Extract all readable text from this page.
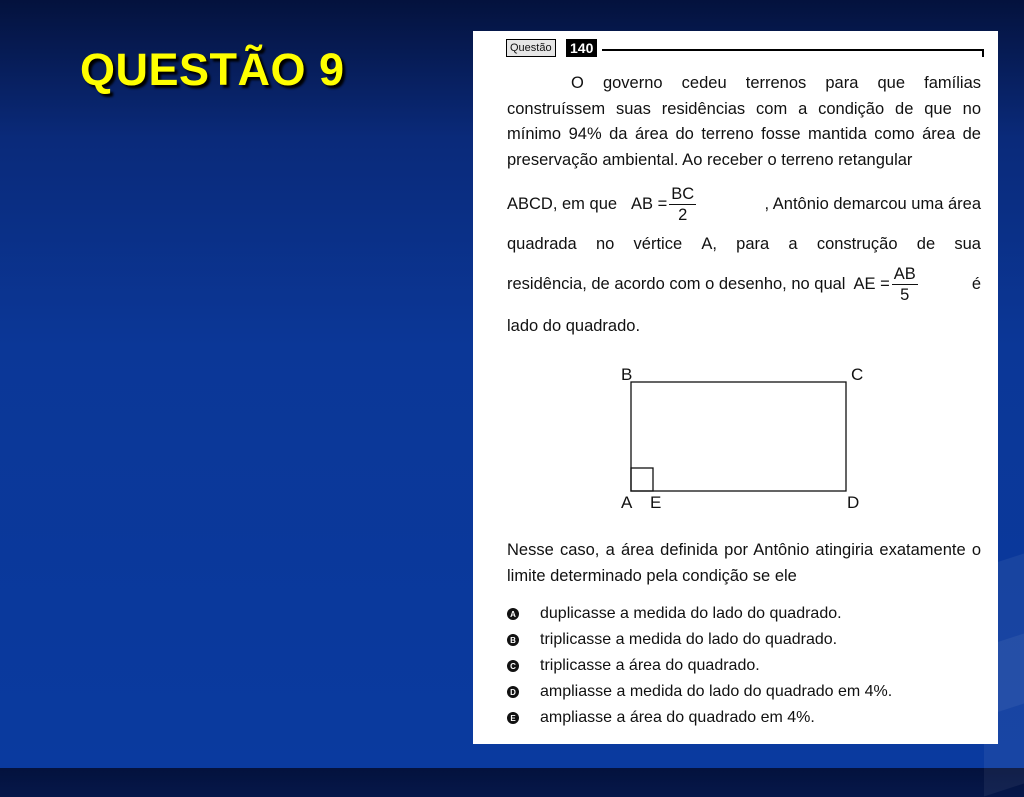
QUESTÃO 9	Questão 140

O governo cedeu terrenos para que famílias construíssem suas residências com a condição de que no mínimo 94% da área do terreno fosse mantida como área de preservação ambiental. Ao receber o terreno retangular

ABCD, em que AB = $\frac{BC}{2}$	, Antônio demarcou uma área
quadrada no vértice A, para a construção de sua
residência, de acordo com o desenho, no qual AE = $\frac{AB}{5}$	é
lado do quadrado.
B	C
A E	D

Nesse caso, a área definida por Antônio atingiria exatamente o limite determinado pela condição se ele

A duplicasse a medida do lado do quadrado.
B triplicasse a medida do lado do quadrado.
C triplicasse a área do quadrado.
D ampliasse a medida do lado do quadrado em 4%.
E ampliasse a área do quadrado em 4%.
